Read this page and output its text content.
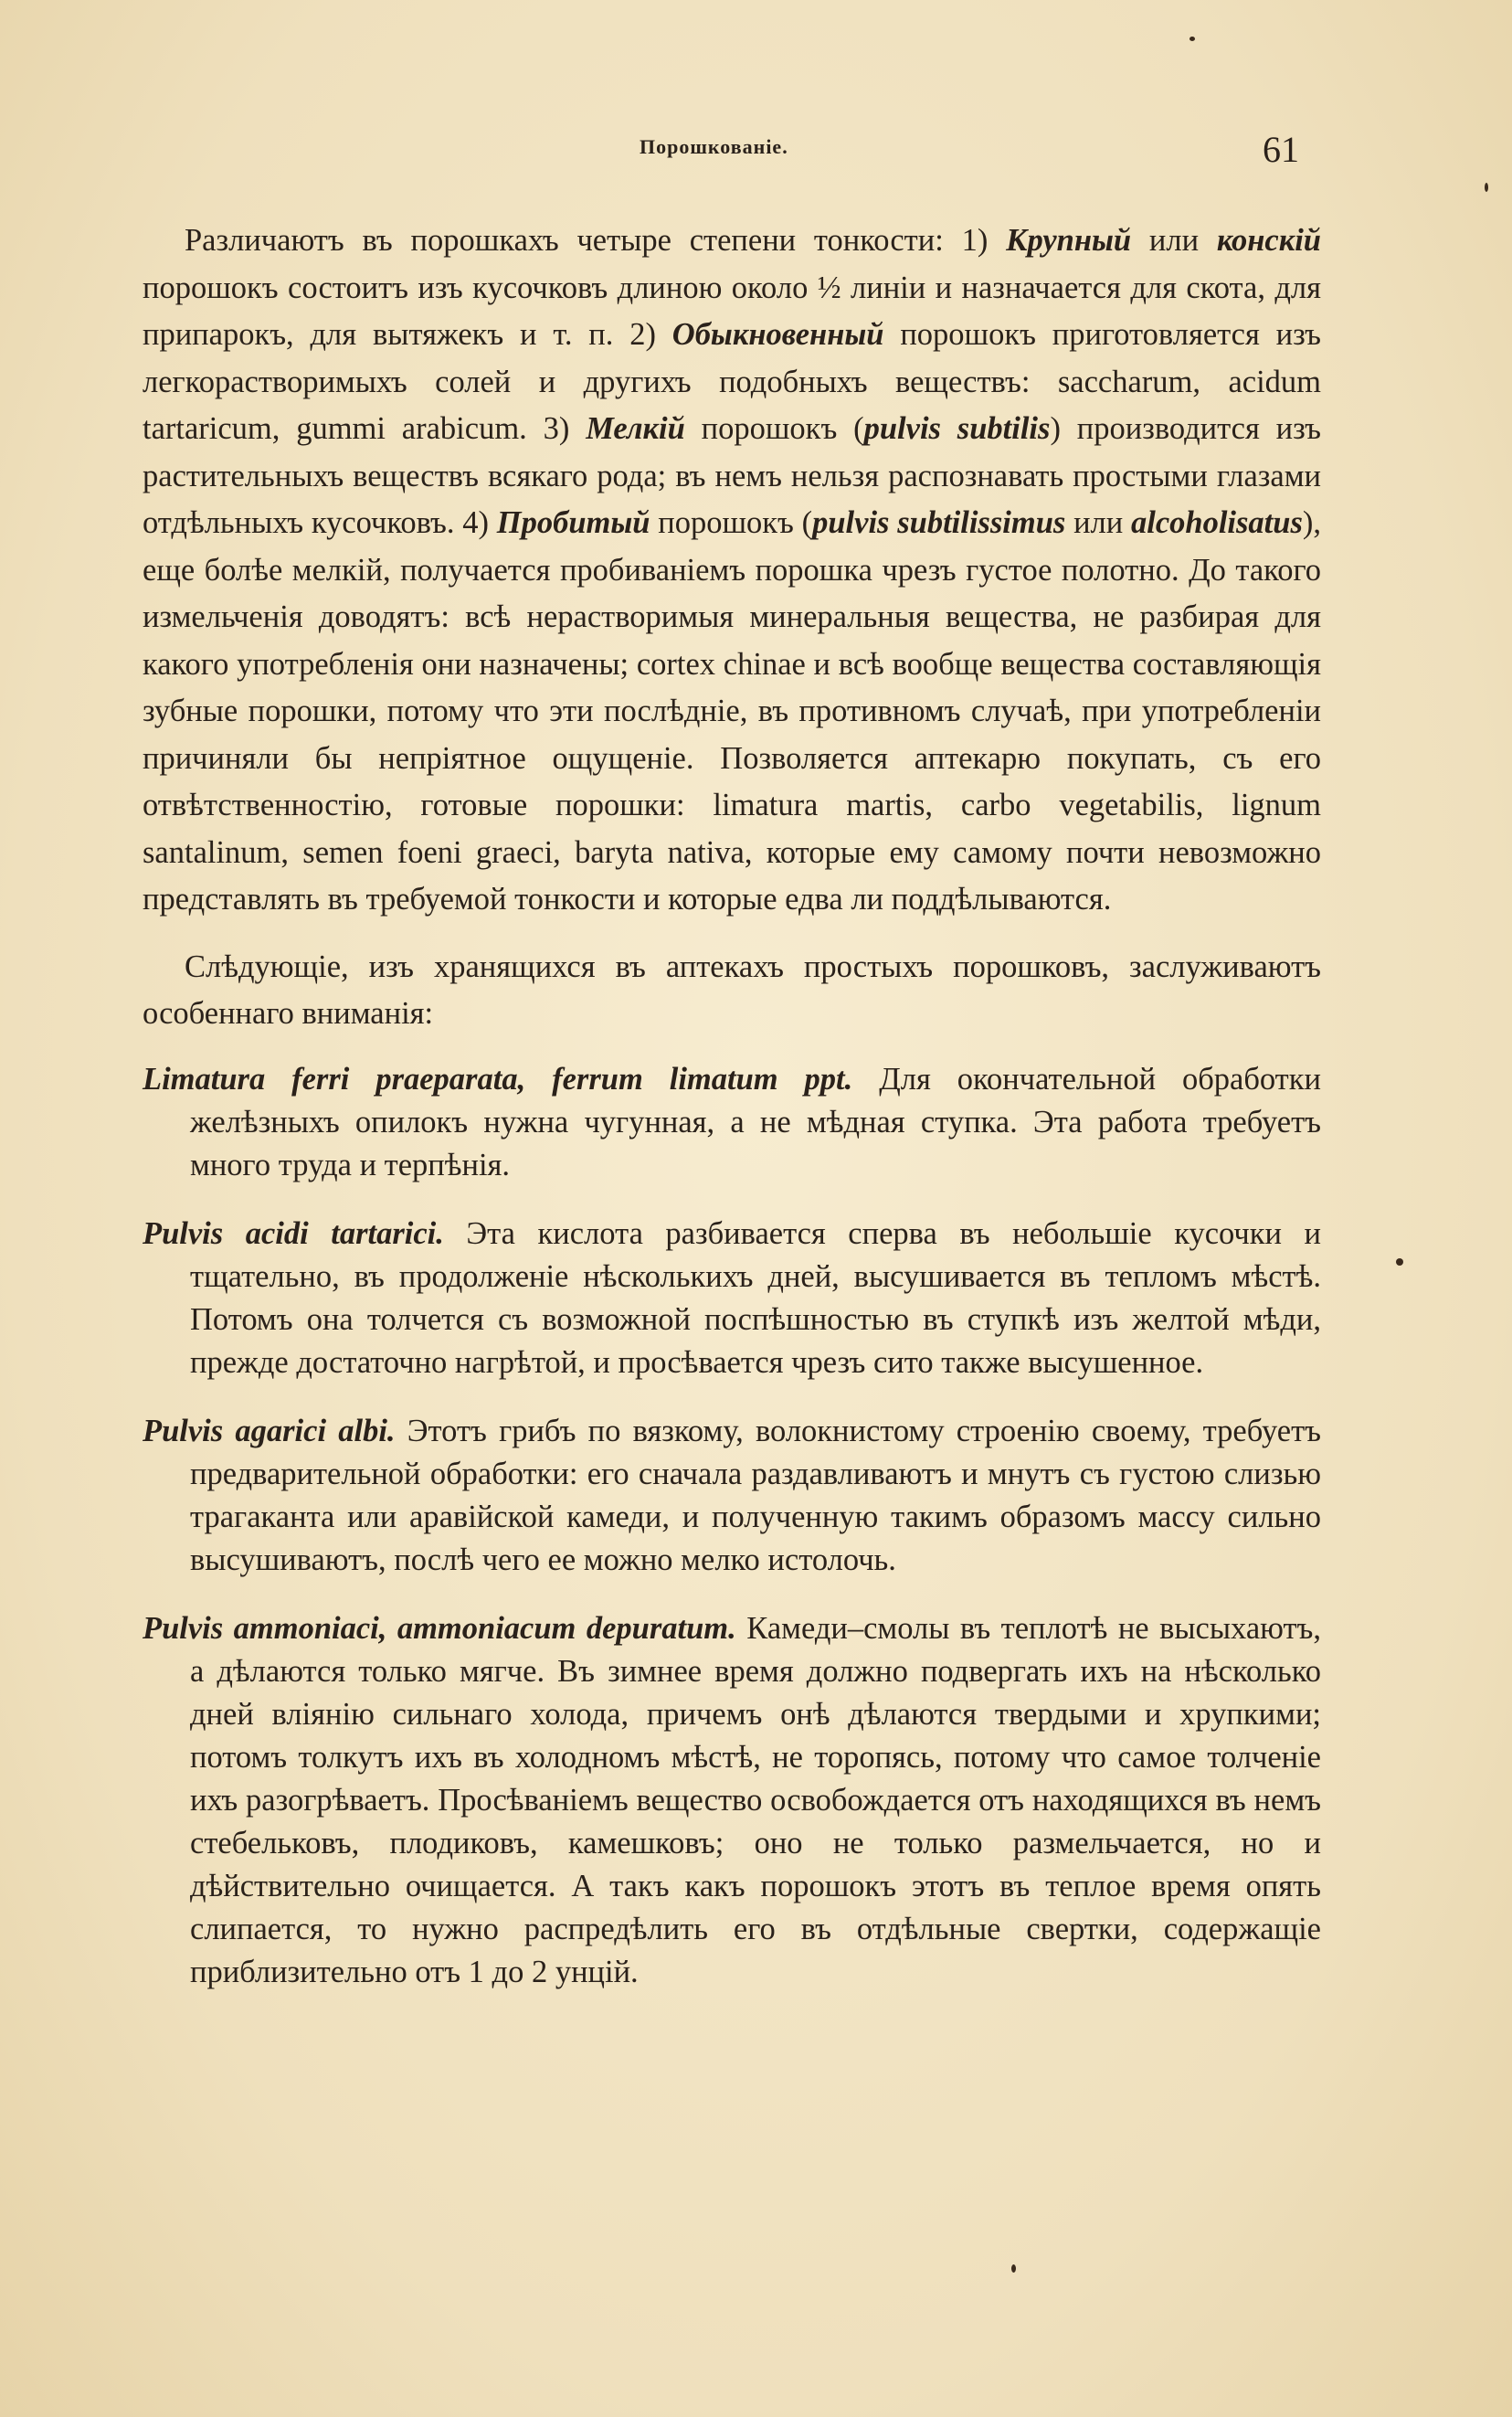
Порошкованіе.	61

Различаютъ въ порошкахъ четыре степени тонкости: 1) Крупный или конскій порошокъ состоитъ изъ кусочковъ длиною около ½ линіи и назначается для скота, для припарокъ, для вытяжекъ и т. п. 2) Обыкновенный порошокъ приготовляется изъ легкорастворимыхъ солей и другихъ подобныхъ веществъ: saccharum, acidum tartaricum, gummi arabicum. 3) Мелкій порошокъ (pulvis subtilis) производится изъ растительныхъ веществъ всякаго рода; въ немъ нельзя распознавать простыми глазами отдѣльныхъ кусочковъ. 4) Пробитый порошокъ (pulvis subtilissimus или alcoholisatus), еще болѣе мелкій, получается пробиваніемъ порошка чрезъ густое полотно. До такого измельченія доводятъ: всѣ нерастворимыя минеральныя вещества, не разбирая для какого употребленія они назначены; cortex chinae и всѣ вообще вещества составляющія зубные порошки, потому что эти послѣдніе, въ противномъ случаѣ, при употребленіи причиняли бы непріятное ощущеніе. Позволяется аптекарю покупать, съ его отвѣтственностію, готовые порошки: limatura martis, carbo vegetabilis, lignum santalinum, semen foeni graeci, baryta nativa, которые ему самому почти невозможно представлять въ требуемой тонкости и которые едва ли поддѣлываются.

Слѣдующіе, изъ хранящихся въ аптекахъ простыхъ порошковъ, заслуживаютъ особеннаго вниманія:

Limatura ferri praeparata, ferrum limatum ppt. Для окончательной обработки желѣзныхъ опилокъ нужна чугунная, а не мѣдная ступка. Эта работа требуетъ много труда и терпѣнія.

Pulvis acidi tartarici. Эта кислота разбивается сперва въ небольшіе кусочки и тщательно, въ продолженіе нѣсколькихъ дней, высушивается въ тепломъ мѣстѣ. Потомъ она толчется съ возможной поспѣшностью въ ступкѣ изъ желтой мѣди, прежде достаточно нагрѣтой, и просѣвается чрезъ сито также высушенное.

Pulvis agarici albi. Этотъ грибъ по вязкому, волокнистому строенію своему, требуетъ предварительной обработки: его сначала раздавливаютъ и мнутъ съ густою слизью трагаканта или аравійской камеди, и полученную такимъ образомъ массу сильно высушиваютъ, послѣ чего ее можно мелко истолочь.

Pulvis ammoniaci, ammoniacum depuratum. Камеди–смолы въ теплотѣ не высыхаютъ, а дѣлаются только мягче. Въ зимнее время должно подвергать ихъ на нѣсколько дней вліянію сильнаго холода, причемъ онѣ дѣлаются твердыми и хрупкими; потомъ толкутъ ихъ въ холодномъ мѣстѣ, не торопясь, потому что самое толченіе ихъ разогрѣваетъ. Просѣваніемъ вещество освобождается отъ находящихся въ немъ стебельковъ, плодиковъ, камешковъ; оно не только размельчается, но и дѣйствительно очищается. А такъ какъ порошокъ этотъ въ теплое время опять слипается, то нужно распредѣлить его въ отдѣльные свертки, содержащіе приблизительно отъ 1 до 2 унцій.
